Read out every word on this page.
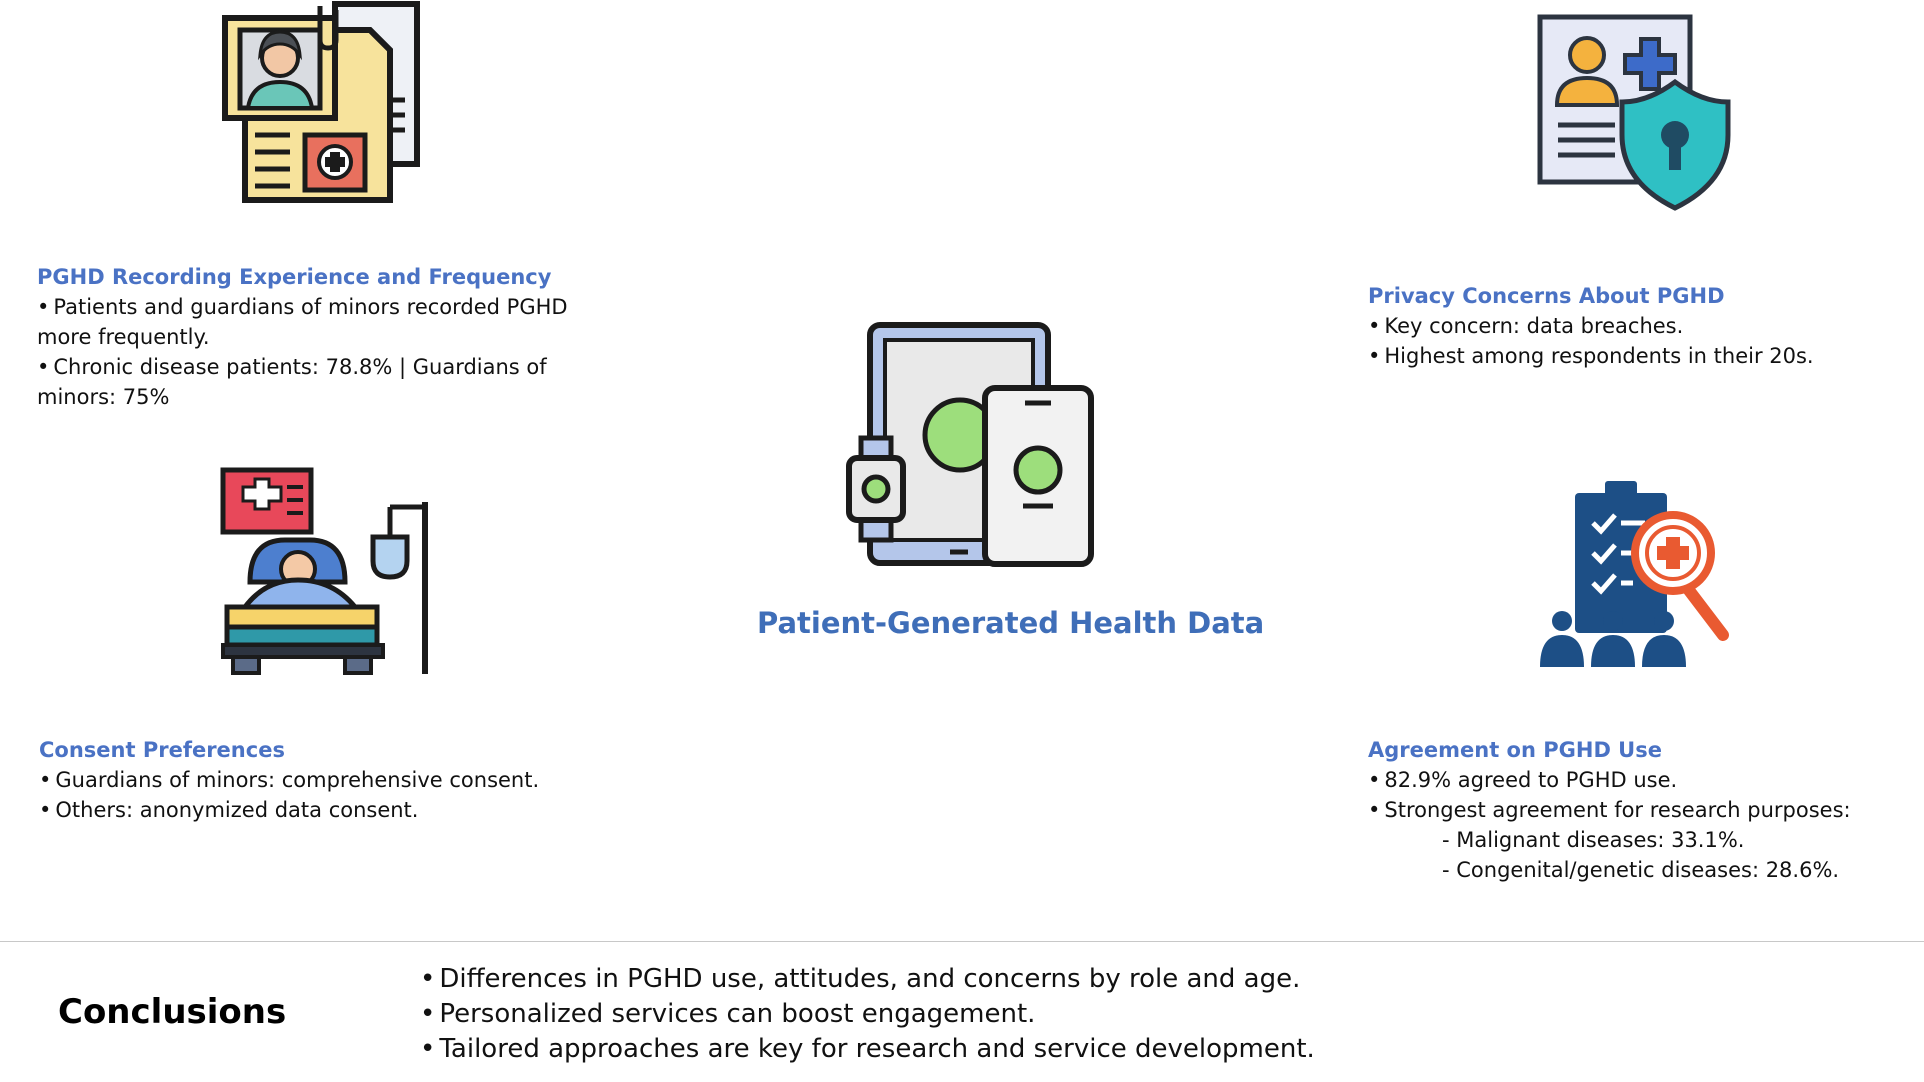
PGHD Recording Experience and Frequency

• Patients and guardians of minors recorded PGHD more frequently.
• Chronic disease patients: 78.8% | Guardians of minors: 75%

Privacy Concerns About PGHD

• Key concern: data breaches.
• Highest among respondents in their 20s.

Consent Preferences

• Guardians of minors: comprehensive consent.
• Others: anonymized data consent.

Agreement on PGHD Use

• 82.9% agreed to PGHD use.
• Strongest agreement for research purposes:
- Malignant diseases: 33.1%.
- Congenital/genetic diseases: 28.6%.
Patient-Generated Health Data
Conclusions
• Differences in PGHD use, attitudes, and concerns by role and age.
• Personalized services can boost engagement.
• Tailored approaches are key for research and service development.
